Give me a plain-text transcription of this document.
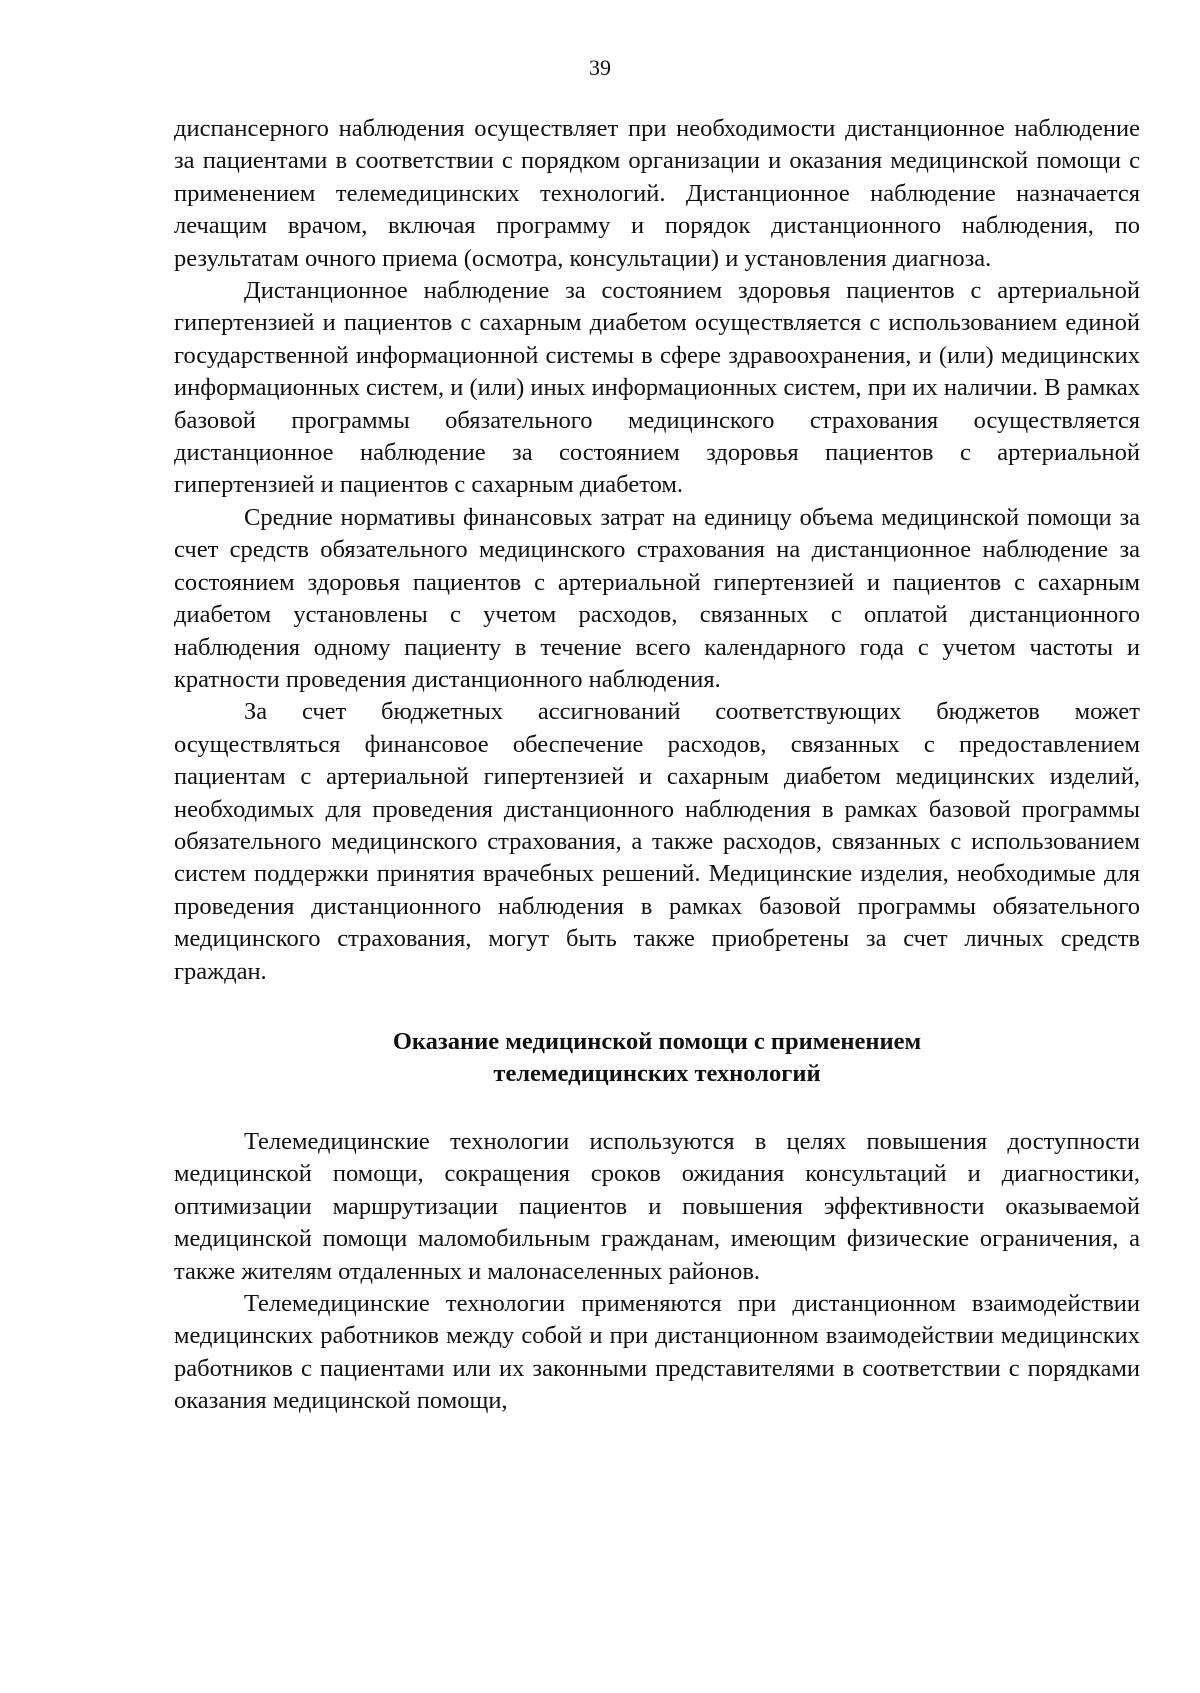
39

диспансерного наблюдения осуществляет при необходимости дистанционное наблюдение за пациентами в соответствии с порядком организации и оказания медицинской помощи с применением телемедицинских технологий. Дистанционное наблюдение назначается лечащим врачом, включая программу и порядок дистанционного наблюдения, по результатам очного приема (осмотра, консультации) и установления диагноза.

Дистанционное наблюдение за состоянием здоровья пациентов с артериальной гипертензией и пациентов с сахарным диабетом осуществляется с использованием единой государственной информационной системы в сфере здравоохранения, и (или) медицинских информационных систем, и (или) иных информационных систем, при их наличии. В рамках базовой программы обязательного медицинского страхования осуществляется дистанционное наблюдение за состоянием здоровья пациентов с артериальной гипертензией и пациентов с сахарным диабетом.

Средние нормативы финансовых затрат на единицу объема медицинской помощи за счет средств обязательного медицинского страхования на дистанционное наблюдение за состоянием здоровья пациентов с артериальной гипертензией и пациентов с сахарным диабетом установлены с учетом расходов, связанных с оплатой дистанционного наблюдения одному пациенту в течение всего календарного года с учетом частоты и кратности проведения дистанционного наблюдения.

За счет бюджетных ассигнований соответствующих бюджетов может осуществляться финансовое обеспечение расходов, связанных с предоставлением пациентам с артериальной гипертензией и сахарным диабетом медицинских изделий, необходимых для проведения дистанционного наблюдения в рамках базовой программы обязательного медицинского страхования, а также расходов, связанных с использованием систем поддержки принятия врачебных решений. Медицинские изделия, необходимые для проведения дистанционного наблюдения в рамках базовой программы обязательного медицинского страхования, могут быть также приобретены за счет личных средств граждан.

Оказание медицинской помощи с применением
телемедицинских технологий

Телемедицинские технологии используются в целях повышения доступности медицинской помощи, сокращения сроков ожидания консультаций и диагностики, оптимизации маршрутизации пациентов и повышения эффективности оказываемой медицинской помощи маломобильным гражданам, имеющим физические ограничения, а также жителям отдаленных и малонаселенных районов.

Телемедицинские технологии применяются при дистанционном взаимодействии медицинских работников между собой и при дистанционном взаимодействии медицинских работников с пациентами или их законными представителями в соответствии с порядками оказания медицинской помощи,
